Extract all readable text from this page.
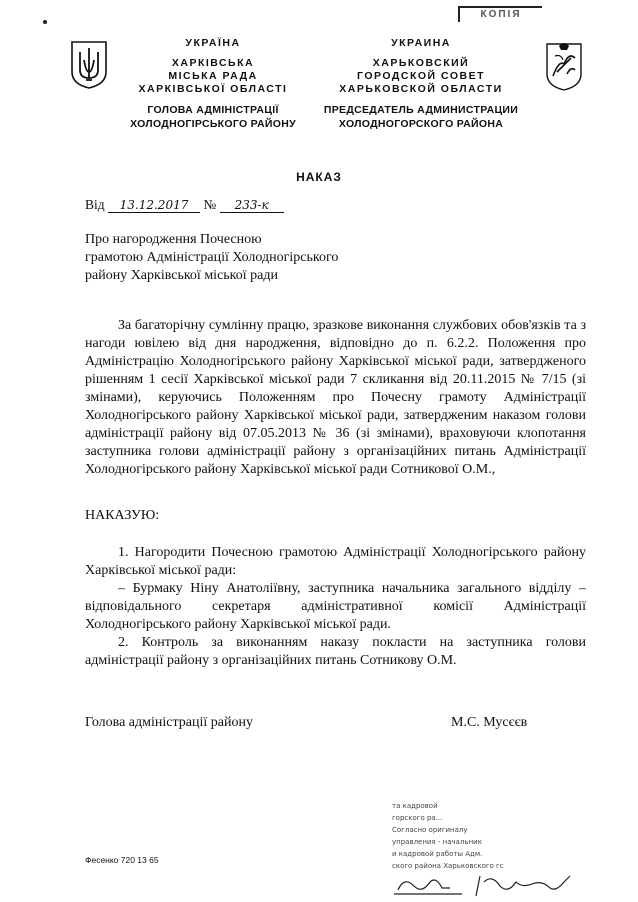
КОПІЯ
УКРАЇНА
ХАРКІВСЬКА
МІСЬКА РАДА
ХАРКІВСЬКОЇ ОБЛАСТІ
ГОЛОВА АДМІНІСТРАЦІЇ
ХОЛОДНОГІРСЬКОГО РАЙОНУ
УКРАИНА
ХАРЬКОВСКИЙ
ГОРОДСКОЙ СОВЕТ
ХАРЬКОВСКОЙ ОБЛАСТИ
ПРЕДСЕДАТЕЛЬ АДМИНИСТРАЦИИ
ХОЛОДНОГОРСКОГО РАЙОНА
НАКАЗ
Від 13.12.2017 № 233-к
Про нагородження Почесною
грамотою Адміністрації Холодногірського
району Харківської міської ради

За багаторічну сумлінну працю, зразкове виконання службових обов'язків та з нагоди ювілею від дня народження, відповідно до п. 6.2.2. Положення про Адміністрацію Холодногірського району Харківської міської ради, затвердженого рішенням 1 сесії Харківської міської ради 7 скликання від 20.11.2015 № 7/15 (зі змінами), керуючись Положенням про Почесну грамоту Адміністрації Холодногірського району Харківської міської ради, затвердженим наказом голови адміністрації району від 07.05.2013 № 36 (зі змінами), враховуючи клопотання заступника голови адміністрації району з організаційних питань Адміністрації Холодногірського району Харківської міської ради Сотникової О.М.,

НАКАЗУЮ:

1. Нагородити Почесною грамотою Адміністрації Холодногірського району Харківської міської ради:

– Бурмаку Ніну Анатоліївну, заступника начальника загального відділу – відповідального секретаря адміністративної комісії Адміністрації Холодногірського району Харківської міської ради.

2. Контроль за виконанням наказу покласти на заступника голови адміністрації району з організаційних питань Сотникову О.М.

Голова адміністрації району	М.С. Мусєєв
та кадровой
горского ра...
Согласно оригиналу
управления - начальник
и кадровой работы Адм.
ского района Харьковского гс
Фесенко 720 13 65
